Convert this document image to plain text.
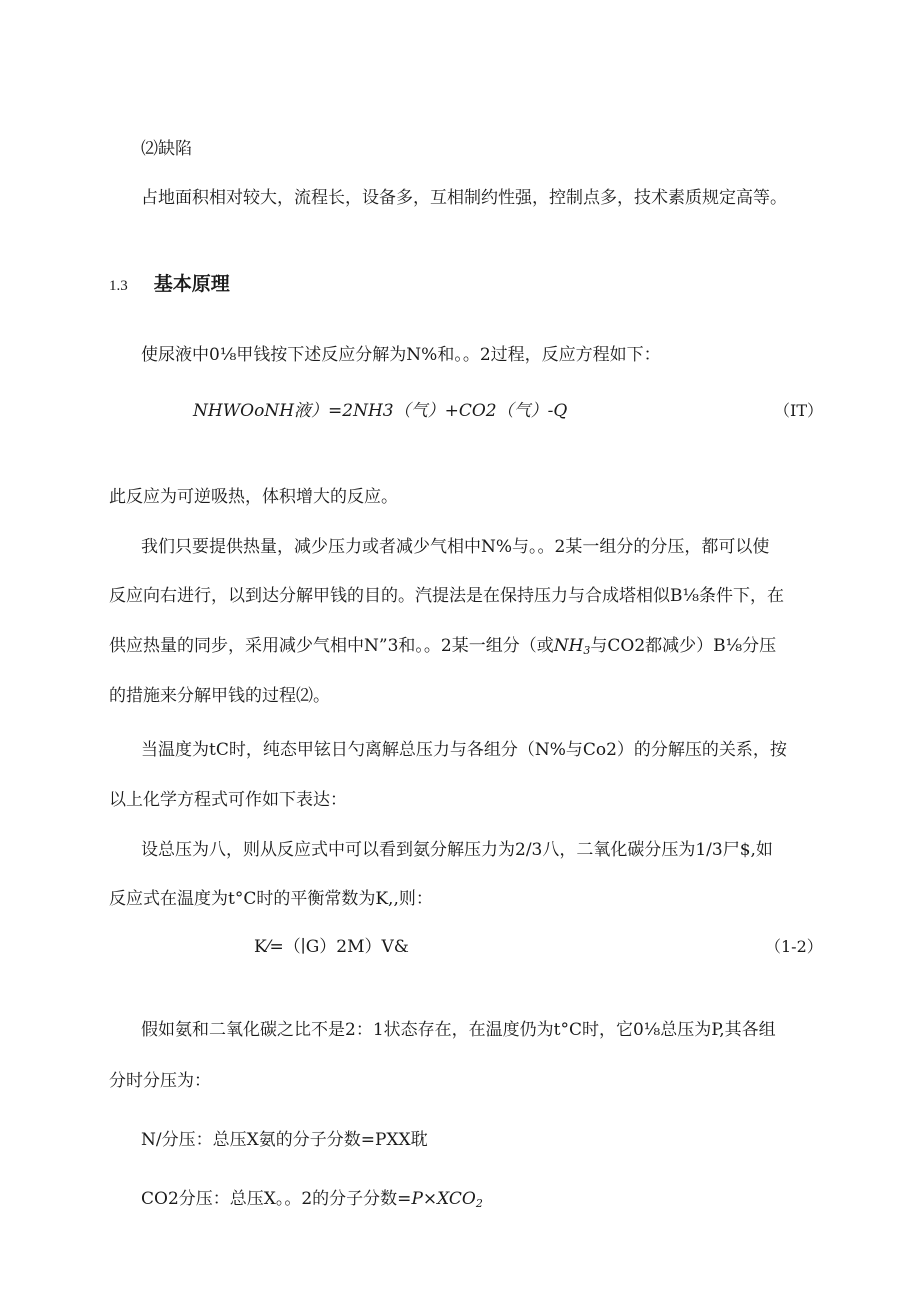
⑵缺陷
占地面积相对较大，流程长，设备多，互相制约性强，控制点多，技术素质规定高等。
1.3 基本原理
使尿液中0⅛甲钱按下述反应分解为N%和。。2过程，反应方程如下：
NHWOoNH液）=2NH3（气）+CO2（气）-Q	（IT）
此反应为可逆吸热，体积增大的反应。
我们只要提供热量，减少压力或者减少气相中N%与。。2某一组分的分压，都可以使
反应向右进行，以到达分解甲钱的目的。汽提法是在保持压力与合成塔相似B⅛条件下，在
供应热量的同步，采用减少气相中N”3和。。2某一组分（或$NH_3$与CO2都减少）B⅛分压
的措施来分解甲钱的过程⑵。
当温度为tC时，纯态甲铉日勺离解总压力与各组分（N%与Co2）的分解压的关系，按
以上化学方程式可作如下表达：
设总压为八，则从反应式中可以看到氨分解压力为2/3八，二氧化碳分压为1/3尸$,如
反应式在温度为t°C时的平衡常数为K,,则：
K⁄=（∣G）2M）V&	（1-2）
假如氨和二氧化碳之比不是2：1状态存在，在温度仍为t°C时，它0⅛总压为P,其各组
分时分压为：
N/分压：总压X氨的分子分数=PXX耽
CO2分压：总压X。。2的分子分数$=P\times XCO_2$
